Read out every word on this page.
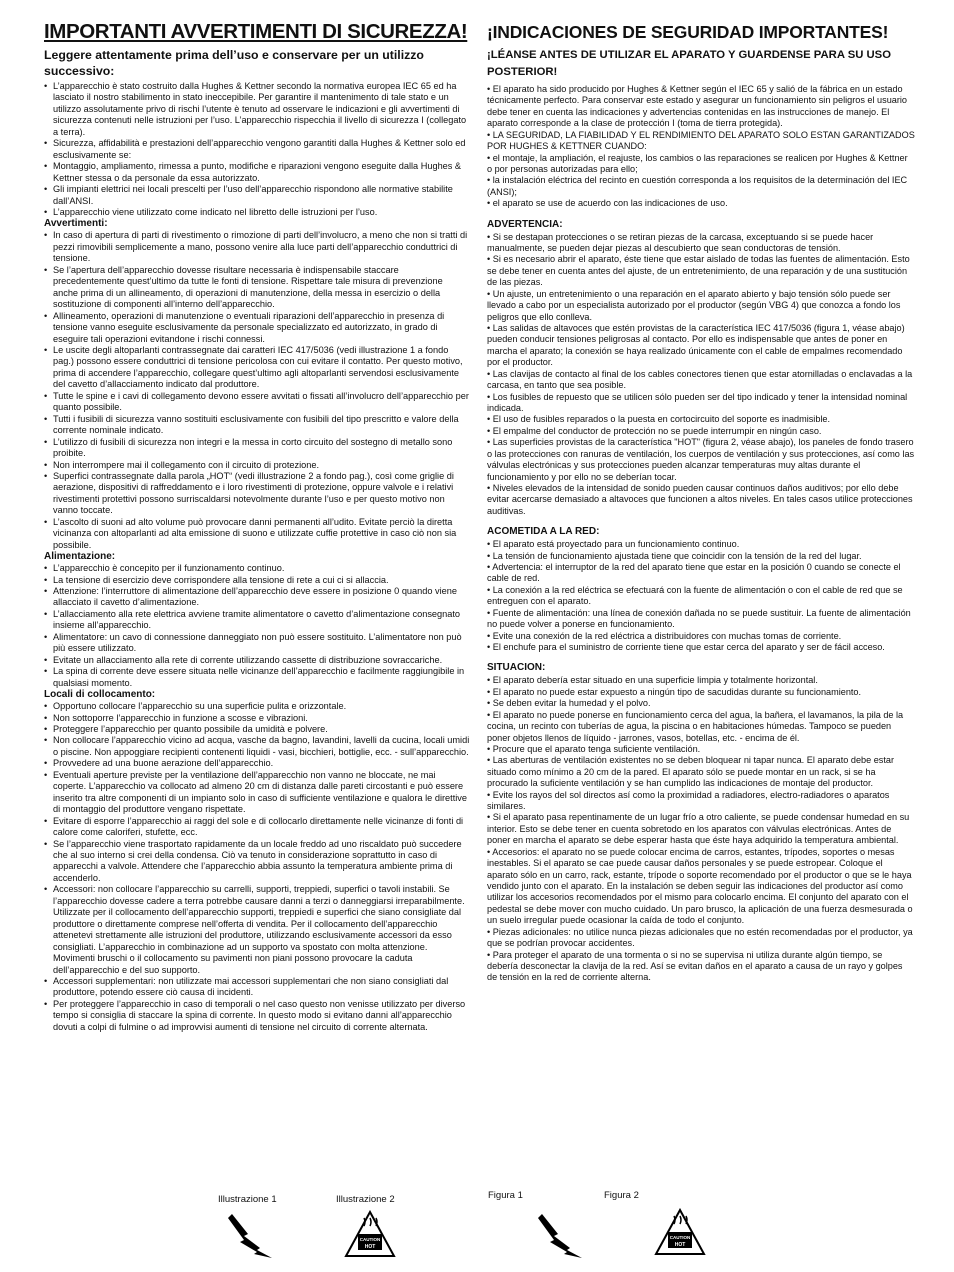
IMPORTANTI AVVERTIMENTI DI SICUREZZA!
Leggere attentamente prima dell’uso e conservare per un utilizzo successivo:
• L’apparecchio è stato costruito dalla Hughes & Kettner secondo la normativa europea IEC 65 ed ha lasciato il nostro stabilimento in stato ineccepibile. Per garantire il mantenimento di tale stato e un utilizzo assolutamente privo di rischi l’utente è tenuto ad osservare le indicazioni e gli avvertimenti di sicurezza contenuti nelle istruzioni per l’uso. L’apparecchio rispecchia il livello di sicurezza I (collegato a terra).
• Sicurezza, affidabilità e prestazioni dell’apparecchio vengono garantiti dalla Hughes & Kettner solo ed esclusivamente se:
• Montaggio, ampliamento, rimessa a punto, modifiche e riparazioni vengono eseguite dalla Hughes & Kettner stessa o da personale da essa autorizzato.
• Gli impianti elettrici nei locali prescelti per l’uso dell’apparecchio rispondono alle normative stabilite dall’ANSI.
• L’apparecchio viene utilizzato come indicato nel libretto delle istruzioni per l’uso.
Avvertimenti:
• In caso di apertura di parti di rivestimento o rimozione di parti dell’involucro, a meno che non si tratti di pezzi rimovibili semplicemente a mano, possono venire alla luce parti dell’apparecchio conduttrici di tensione.
• Se l’apertura dell’apparecchio dovesse risultare necessaria è indispensabile staccare precedentemente quest’ultimo da tutte le fonti di tensione. Rispettare tale misura di prevenzione anche prima di un allineamento, di operazioni di manutenzione, della messa in esercizio o della sostituzione di componenti all’interno dell’apparecchio.
• Allineamento, operazioni di manutenzione o eventuali riparazioni dell’apparecchio in presenza di tensione vanno eseguite esclusivamente da personale specializzato ed autorizzato, in grado di eseguire tali operazioni evitandone i rischi connessi.
• Le uscite degli altoparlanti contrassegnate dai caratteri IEC 417/5036 (vedi illustrazione 1 a fondo pag.) possono essere conduttrici di tensione pericolosa con cui evitare il contatto. Per questo motivo, prima di accendere l’apparecchio, collegare quest’ultimo agli altoparlanti servendosi esclusivamente del cavetto d’allacciamento indicato dal produttore.
• Tutte le spine e i cavi di collegamento devono essere avvitati o fissati all’involucro dell’apparecchio per quanto possibile.
• Tutti i fusibili di sicurezza vanno sostituiti esclusivamente con fusibili del tipo prescritto e valore della corrente nominale indicato.
• L’utilizzo di fusibili di sicurezza non integri e la messa in corto circuito del sostegno di metallo sono proibite.
• Non interrompere mai il collegamento con il circuito di protezione.
• Superfici contrassegnate dalla parola „HOT“ (vedi illustrazione 2 a fondo pag.), così come griglie di aerazione, dispositivi di raffreddamento e i loro rivestimenti di protezione, oppure valvole e i relativi rivestimenti protettivi possono surriscaldarsi notevolmente durante l’uso e per questo motivo non vanno toccate.
• L’ascolto di suoni ad alto volume può provocare danni permanenti all’udito. Evitate perciò la diretta vicinanza con altoparlanti ad alta emissione di suono e utilizzate cuffie protettive in caso ciò non sia possibile.
Alimentazione:
• L’apparecchio è concepito per il funzionamento continuo.
• La tensione di esercizio deve corrispondere alla tensione di rete a cui ci si allaccia.
• Attenzione: l’interruttore di alimentazione dell’apparecchio deve essere in posizione 0 quando viene allacciato il cavetto d’alimentazione.
• L’allacciamento alla rete elettrica avviene tramite alimentatore o cavetto d’alimentazione consegnato insieme all’apparecchio.
• Alimentatore: un cavo di connessione danneggiato non può essere sostituito. L’alimentatore non può più essere utilizzato.
• Evitate un allacciamento alla rete di corrente utilizzando cassette di distribuzione sovraccariche.
• La spina di corrente deve essere situata nelle vicinanze dell’apparecchio e facilmente raggiungibile in qualsiasi momento.
Locali di collocamento:
• Opportuno collocare l’apparecchio su una superficie pulita e orizzontale.
• Non sottoporre l’apparecchio in funzione a scosse e vibrazioni.
• Proteggere l’apparecchio per quanto possibile da umidità e polvere.
• Non collocare l’apparecchio vicino ad acqua, vasche da bagno, lavandini, lavelli da cucina, locali umidi o piscine. Non appoggiare recipienti contenenti liquidi - vasi, bicchieri, bottiglie, ecc. - sull’apparecchio.
• Provvedere ad una buone aerazione dell’apparecchio.
• Eventuali aperture previste per la ventilazione dell’apparecchio non vanno ne bloccate, ne mai coperte. L’apparecchio va collocato ad almeno 20 cm di distanza dalle pareti circostanti e può essere inserito tra altre componenti di un impianto solo in caso di sufficiente ventilazione e qualora le direttive di montaggio del produttore vengano rispettate.
• Evitare di esporre l’apparecchio ai raggi del sole e di collocarlo direttamente nelle vicinanze di fonti di calore come caloriferi, stufette, ecc.
• Se l’apparecchio viene trasportato rapidamente da un locale freddo ad uno riscaldato può succedere che al suo interno si crei della condensa. Ciò va tenuto in considerazione soprattutto in caso di apparecchi a valvole. Attendere che l’apparecchio abbia assunto la temperatura ambiente prima di accenderlo.
• Accessori: non collocare l’apparecchio su carrelli, supporti, treppiedi, superfici o tavoli instabili. Se l’apparecchio dovesse cadere a terra potrebbe causare danni a terzi o danneggiarsi irreparabilmente. Utilizzate per il collocamento dell’apparecchio supporti, treppiedi e superfici che siano consigliate dal produttore o direttamente comprese nell’offerta di vendita. Per il collocamento dell’apparecchio attenetevi strettamente alle istruzioni del produttore, utilizzando esclusivamente accessori da esso consigliati. L’apparecchio in combinazione ad un supporto va spostato con molta attenzione. Movimenti bruschi o il collocamento su pavimenti non piani possono provocare la caduta dell’apparecchio e del suo supporto.
• Accessori supplementari: non utilizzate mai accessori supplementari che non siano consigliati dal produttore, potendo essere ciò causa di incidenti.
• Per proteggere l’apparecchio in caso di temporali o nel caso questo non venisse utilizzato per diverso tempo si consiglia di staccare la spina di corrente. In questo modo si evitano danni all’apparecchio dovuti a colpi di fulmine o ad improvvisi aumenti di tensione nel circuito di corrente alternata.
¡INDICACIONES DE SEGURIDAD IMPORTANTES!
¡LÉANSE ANTES DE UTILIZAR EL APARATO Y GUARDENSE PARA SU USO POSTERIOR!
• El aparato ha sido producido por Hughes & Kettner según el IEC 65 y salió de la fábrica en un estado técnicamente perfecto. Para conservar este estado y asegurar un funcionamiento sin peligros el usuario debe tener en cuenta las indicaciones y advertencias contenidas en las instrucciones de manejo. El aparato corresponde a la clase de protección I (toma de tierra protegida).
• LA SEGURIDAD, LA FIABILIDAD Y EL RENDIMIENTO DEL APARATO SOLO ESTAN GARANTIZADOS POR HUGHES & KETTNER CUANDO:
• el montaje, la ampliación, el reajuste, los cambios o las reparaciones se realicen por Hughes & Kettner o por personas autorizadas para ello;
• la instalación eléctrica del recinto en cuestión corresponda a los requisitos de la determinación del IEC (ANSI);
• el aparato se use de acuerdo con las indicaciones de uso.
ADVERTENCIA:
• Si se destapan protecciones o se retiran piezas de la carcasa, exceptuando si se puede hacer manualmente, se pueden dejar piezas al descubierto que sean conductoras de tensión.
• Si es necesario abrir el aparato, éste tiene que estar aislado de todas las fuentes de alimentación. Esto se debe tener en cuenta antes del ajuste, de un entretenimiento, de una reparación y de una sustitución de las piezas.
• Un ajuste, un entretenimiento o una reparación en el aparato abierto y bajo tensión sólo puede ser llevado a cabo por un especialista autorizado por el productor (según VBG 4) que conozca a fondo los peligros que ello conlleva.
• Las salidas de altavoces que estén provistas de la característica IEC 417/5036 (figura 1, véase abajo) pueden conducir tensiones peligrosas al contacto. Por ello es indispensable que antes de poner en marcha el aparato; la conexión se haya realizado únicamente con el cable de empalmes recomendado por el productor.
• Las clavijas de contacto al final de los cables conectores tienen que estar atornilladas o enclavadas a la carcasa, en tanto que sea posible.
• Los fusibles de repuesto que se utilicen sólo pueden ser del tipo indicado y tener la intensidad nominal indicada.
• El uso de fusibles reparados o la puesta en cortocircuito del soporte es inadmisible.
• El empalme del conductor de protección no se puede interrumpir en ningún caso.
• Las superficies provistas de la característica "HOT" (figura 2, véase abajo), los paneles de fondo trasero o las protecciones con ranuras de ventilación, los cuerpos de ventilación y sus protecciones, así como las válvulas electrónicas y sus protecciones pueden alcanzar temperaturas muy altas durante el funcionamiento y por ello no se deberían tocar.
• Niveles elevados de la intensidad de sonido pueden causar continuos daños auditivos; por ello debe evitar acercarse demasiado a altavoces que funcionen a altos niveles. En tales casos utilice protecciones auditivas.
ACOMETIDA A LA RED:
• El aparato está proyectado para un funcionamiento continuo.
• La tensión de funcionamiento ajustada tiene que coincidir con la tensión de la red del lugar.
• Advertencia: el interruptor de la red del aparato tiene que estar en la posición 0 cuando se conecte el cable de red.
• La conexión a la red eléctrica se efectuará con la fuente de alimentación o con el cable de red que se entreguen con el aparato.
• Fuente de alimentación: una línea de conexión dañada no se puede sustituir. La fuente de alimentación no puede volver a ponerse en funcionamiento.
• Evite una conexión de la red eléctrica a distribuidores con muchas tomas de corriente.
• El enchufe para el suministro de corriente tiene que estar cerca del aparato y ser de fácil acceso.
SITUACION:
• El aparato debería estar situado en una superficie limpia y totalmente horizontal.
• El aparato no puede estar expuesto a ningún tipo de sacudidas durante su funcionamiento.
• Se deben evitar la humedad y el polvo.
• El aparato no puede ponerse en funcionamiento cerca del agua, la bañera, el lavamanos, la pila de la cocina, un recinto con tuberías de agua, la piscina o en habitaciones húmedas. Tampoco se pueden poner objetos llenos de líquido - jarrones, vasos, botellas, etc. - encima de él.
• Procure que el aparato tenga suficiente ventilación.
• Las aberturas de ventilación existentes no se deben bloquear ni tapar nunca. El aparato debe estar situado como mínimo a 20 cm de la pared. El aparato sólo se puede montar en un rack, si se ha procurado la suficiente ventilación y se han cumplido las indicaciones de montaje del productor.
• Evite los rayos del sol directos así como la proximidad a radiadores, electro-radiadores o aparatos similares.
• Si el aparato pasa repentinamente de un lugar frío a otro caliente, se puede condensar humedad en su interior. Esto se debe tener en cuenta sobretodo en los aparatos con válvulas electrónicas. Antes de poner en marcha el aparato se debe esperar hasta que éste haya adquirido la temperatura ambiental.
• Accesorios: el aparato no se puede colocar encima de carros, estantes, trípodes, soportes o mesas inestables. Si el aparato se cae puede causar daños personales y se puede estropear. Coloque el aparato sólo en un carro, rack, estante, trípode o soporte recomendado por el productor o que se le haya vendido junto con el aparato. En la instalación se deben seguir las indicaciones del productor así como utilizar los accesorios recomendados por el mismo para colocarlo encima. El conjunto del aparato con el pedestal se debe mover con mucho cuidado. Un paro brusco, la aplicación de una fuerza desmesurada o un suelo irregular puede ocasionar la caída de todo el conjunto.
• Piezas adicionales: no utilice nunca piezas adicionales que no estén recomendadas por el productor, ya que se podrían provocar accidentes.
• Para proteger el aparato de una tormenta o si no se supervisa ni utiliza durante algún tiempo, se debería desconectar la clavija de la red. Así se evitan daños en el aparato a causa de un rayo y golpes de tensión en la red de corriente alterna.
Illustrazione 1	Illustrazione 2	Figura 1	Figura 2
CAUTION
HOT
CAUTION
HOT
